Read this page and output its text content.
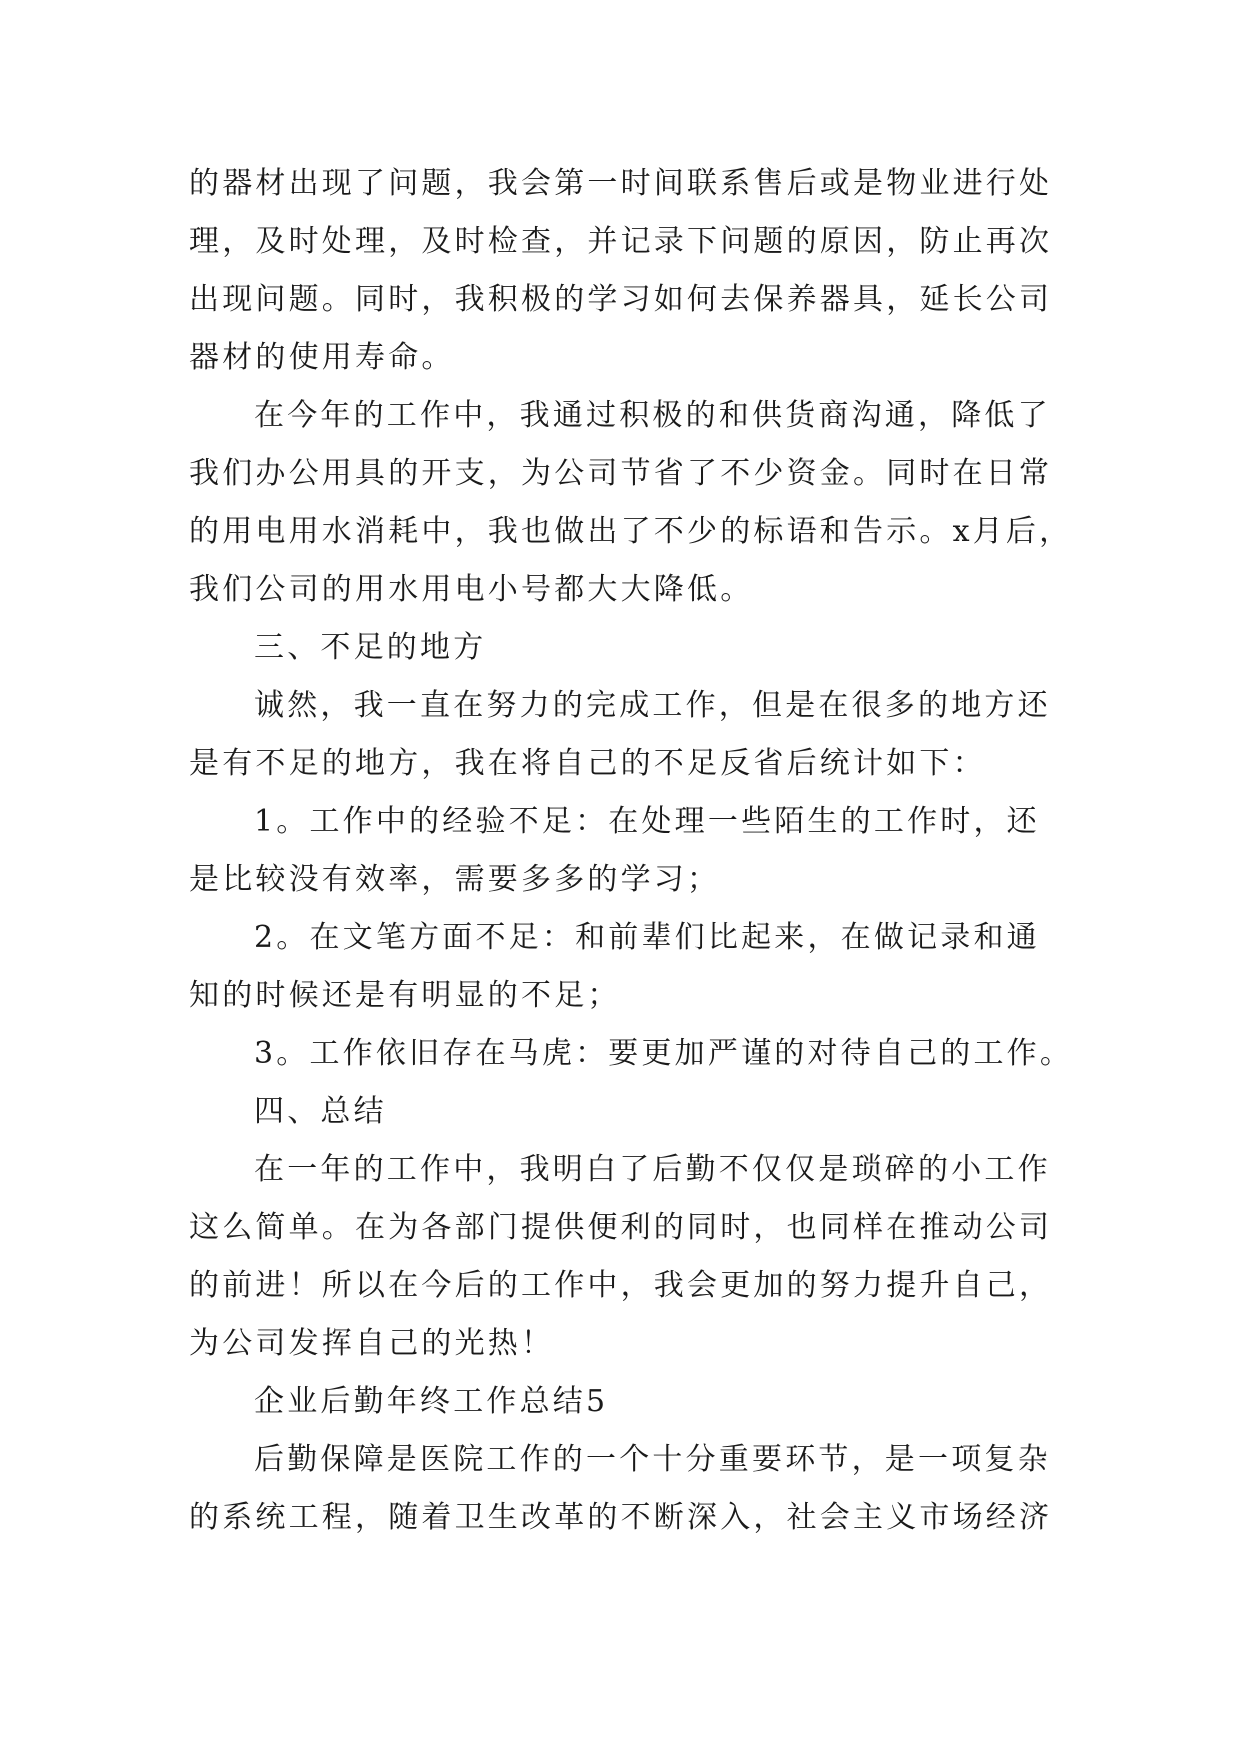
的器材出现了问题，我会第一时间联系售后或是物业进行处
理，及时处理，及时检查，并记录下问题的原因，防止再次
出现问题。同时，我积极的学习如何去保养器具，延长公司
器材的使用寿命。
在今年的工作中，我通过积极的和供货商沟通，降低了
我们办公用具的开支，为公司节省了不少资金。同时在日常
的用电用水消耗中，我也做出了不少的标语和告示。x月后，
我们公司的用水用电小号都大大降低。
三、不足的地方
诚然，我一直在努力的完成工作，但是在很多的地方还
是有不足的地方，我在将自己的不足反省后统计如下：
1。工作中的经验不足：在处理一些陌生的工作时，还
是比较没有效率，需要多多的学习；
2。在文笔方面不足：和前辈们比起来，在做记录和通
知的时候还是有明显的不足；
3。工作依旧存在马虎：要更加严谨的对待自己的工作。
四、总结
在一年的工作中，我明白了后勤不仅仅是琐碎的小工作
这么简单。在为各部门提供便利的同时，也同样在推动公司
的前进！所以在今后的工作中，我会更加的努力提升自己，
为公司发挥自己的光热！
企业后勤年终工作总结5
后勤保障是医院工作的一个十分重要环节，是一项复杂
的系统工程，随着卫生改革的不断深入，社会主义市场经济
